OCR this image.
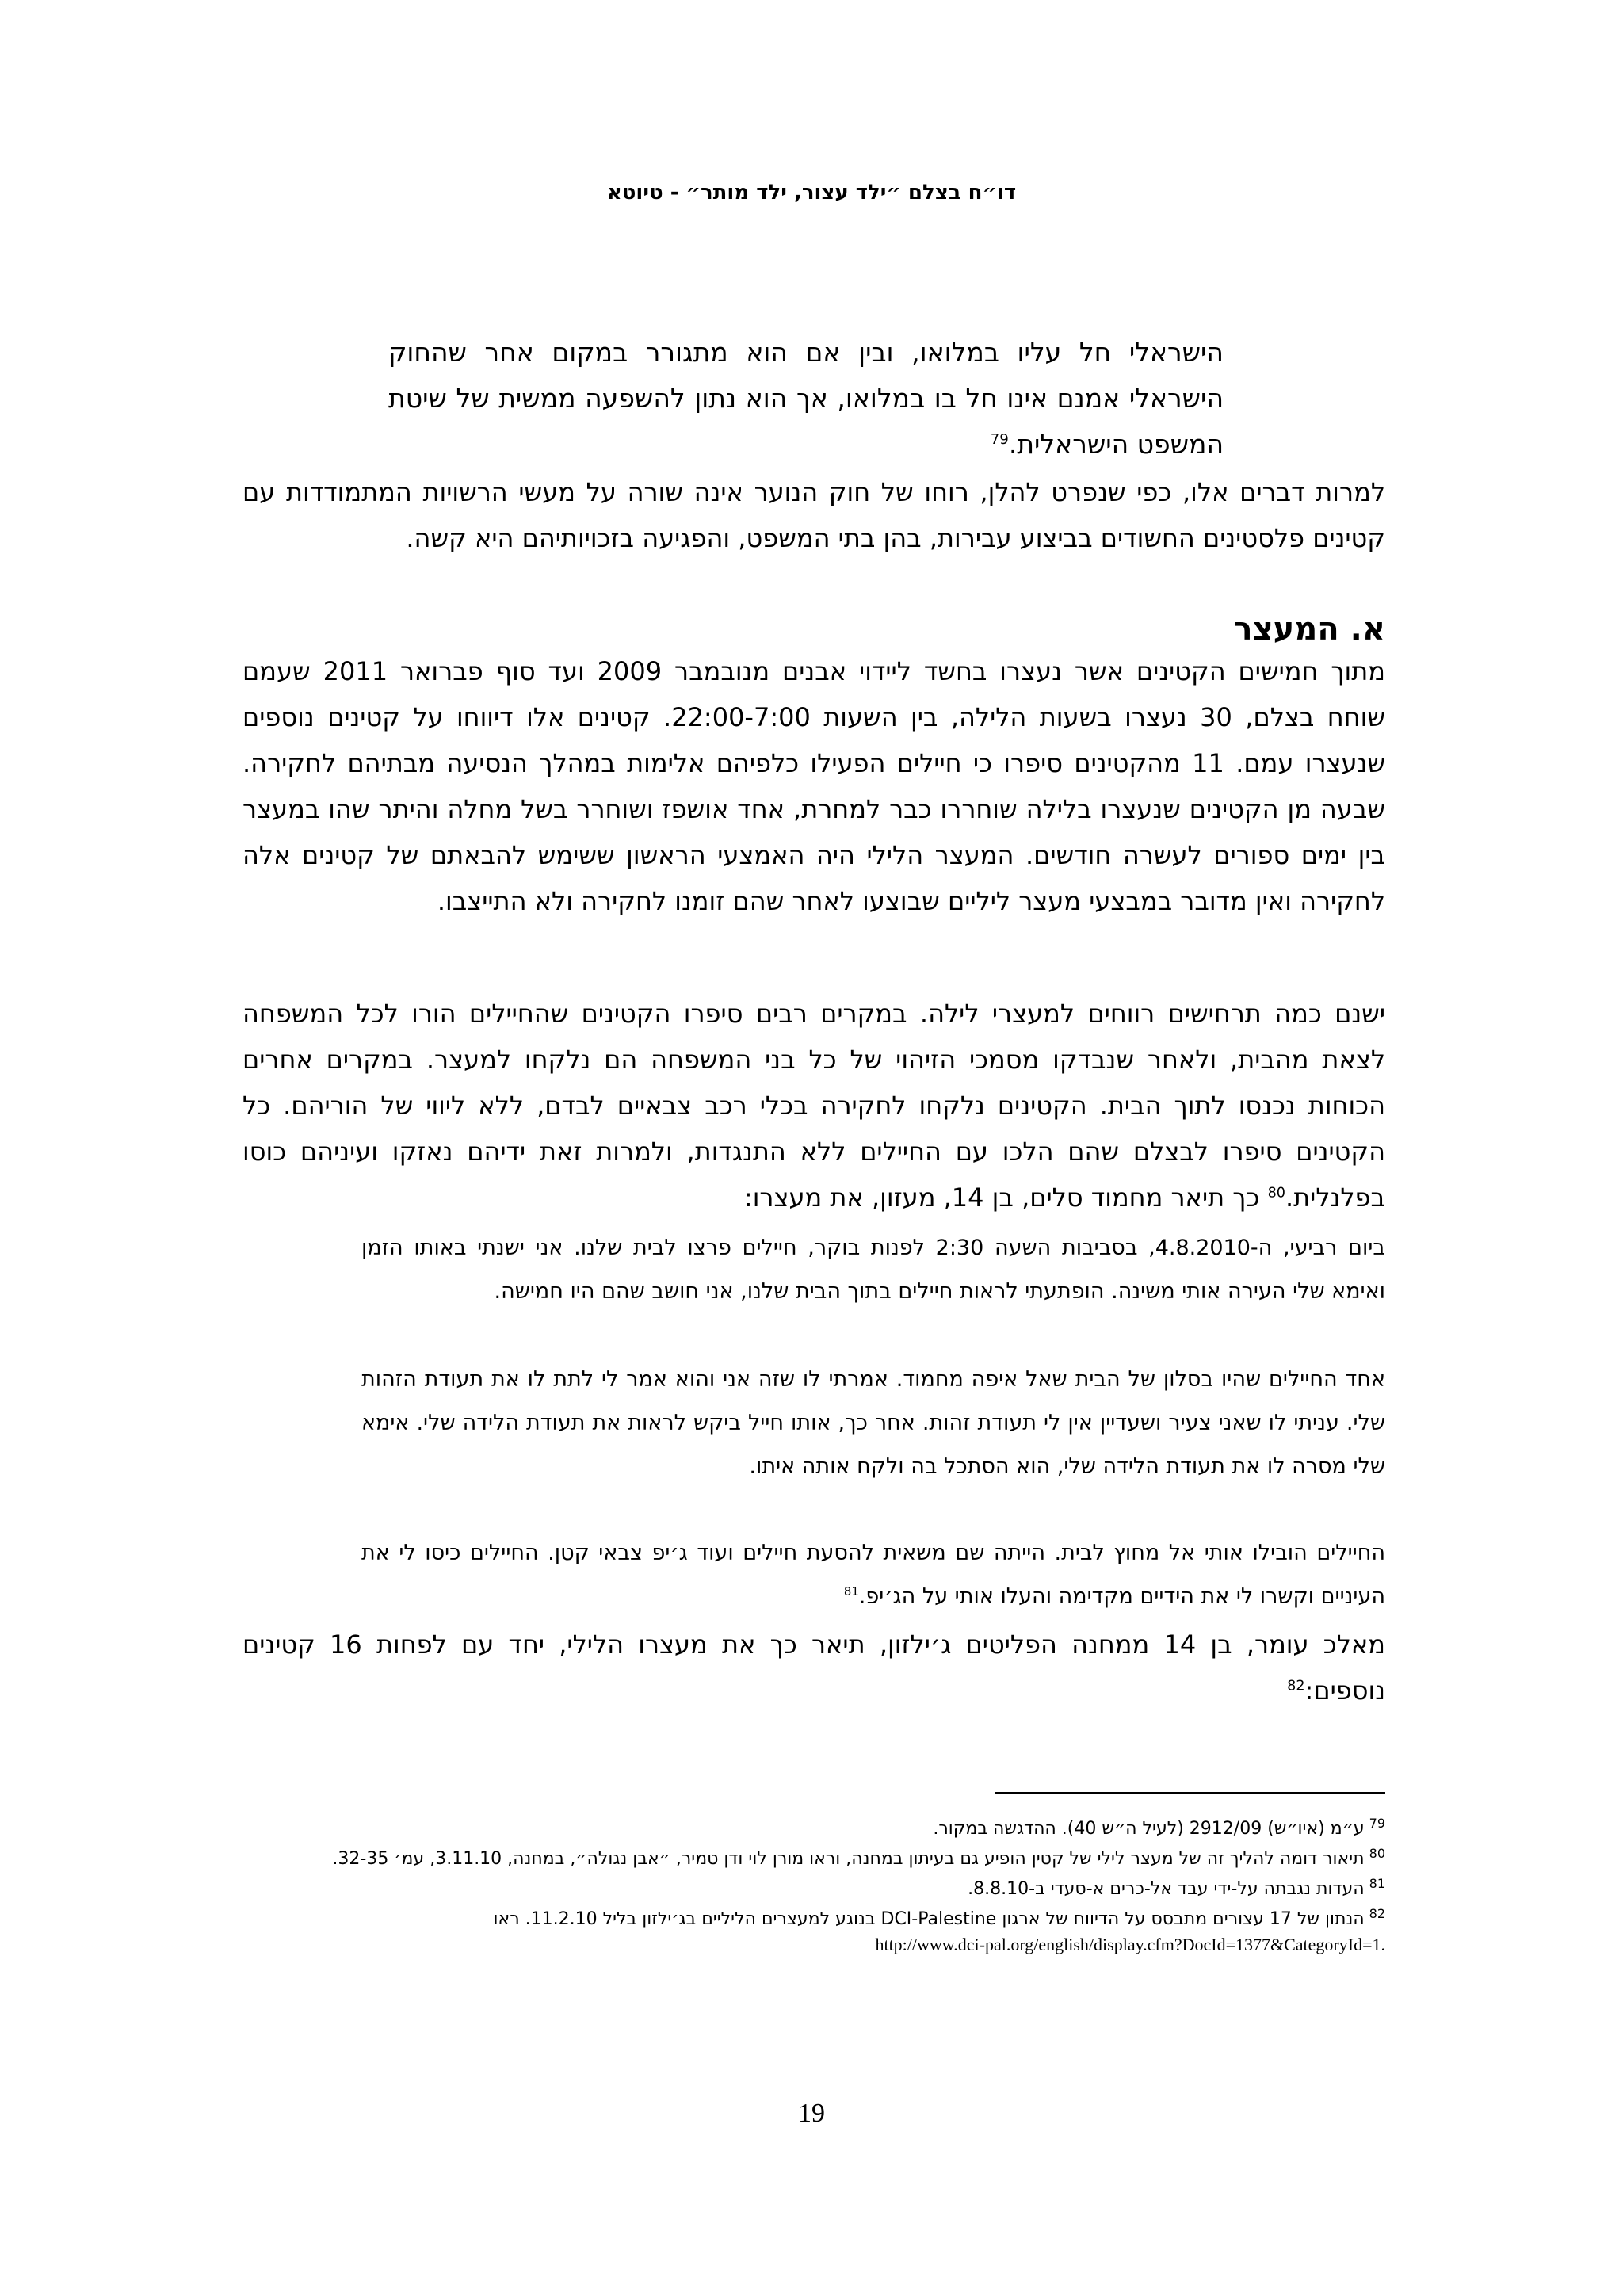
דו״ח בצלם ״ילד עצור, ילד מותר״ - טיוטא

הישראלי חל עליו במלואו, ובין אם הוא מתגורר במקום אחר שהחוק הישראלי אמנם אינו חל בו במלואו, אך הוא נתון להשפעה ממשית של שיטת המשפט הישראלית.$^{79}$

למרות דברים אלו, כפי שנפרט להלן, רוחו של חוק הנוער אינה שורה על מעשי הרשויות המתמודדות עם קטינים פלסטינים החשודים בביצוע עבירות, בהן בתי המשפט, והפגיעה בזכויותיהם היא קשה.

א. המעצר

מתוך חמישים הקטינים אשר נעצרו בחשד ליידוי אבנים מנובמבר 2009 ועד סוף פברואר 2011 שעמם שוחח בצלם, 30 נעצרו בשעות הלילה, בין השעות 22:00-7:00. קטינים אלו דיווחו על קטינים נוספים שנעצרו עמם. 11 מהקטינים סיפרו כי חיילים הפעילו כלפיהם אלימות במהלך הנסיעה מבתיהם לחקירה. שבעה מן הקטינים שנעצרו בלילה שוחררו כבר למחרת, אחד אושפז ושוחרר בשל מחלה והיתר שהו במעצר בין ימים ספורים לעשרה חודשים. המעצר הלילי היה האמצעי הראשון ששימש להבאתם של קטינים אלה לחקירה ואין מדובר במבצעי מעצר ליליים שבוצעו לאחר שהם זומנו לחקירה ולא התייצבו.

ישנם כמה תרחישים רווחים למעצרי לילה. במקרים רבים סיפרו הקטינים שהחיילים הורו לכל המשפחה לצאת מהבית, ולאחר שנבדקו מסמכי הזיהוי של כל בני המשפחה הם נלקחו למעצר. במקרים אחרים הכוחות נכנסו לתוך הבית. הקטינים נלקחו לחקירה בכלי רכב צבאיים לבדם, ללא ליווי של הוריהם. כל הקטינים סיפרו לבצלם שהם הלכו עם החיילים ללא התנגדות, ולמרות זאת ידיהם נאזקו ועיניהם כוסו בפלנלית.$^{80}$ כך תיאר מחמוד סלים, בן 14, מעזון, את מעצרו:

ביום רביעי, ה-4.8.2010, בסביבות השעה 2:30 לפנות בוקר, חיילים פרצו לבית שלנו. אני ישנתי באותו הזמן ואימא שלי העירה אותי משינה. הופתעתי לראות חיילים בתוך הבית שלנו, אני חושב שהם היו חמישה.

אחד החיילים שהיו בסלון של הבית שאל איפה מחמוד. אמרתי לו שזה אני והוא אמר לי לתת לו את תעודת הזהות שלי. עניתי לו שאני צעיר ושעדיין אין לי תעודת זהות. אחר כך, אותו חייל ביקש לראות את תעודת הלידה שלי. אימא שלי מסרה לו את תעודת הלידה שלי, הוא הסתכל בה ולקח אותה איתו.

החיילים הובילו אותי אל מחוץ לבית. הייתה שם משאית להסעת חיילים ועוד ג׳יפ צבאי קטן. החיילים כיסו לי את העיניים וקשרו לי את הידיים מקדימה והעלו אותי על הג׳יפ.$^{81}$

מאלכ עומר, בן 14 ממחנה הפליטים ג׳ילזון, תיאר כך את מעצרו הלילי, יחד עם לפחות 16 קטינים נוספים:$^{82}$

$^{79}$ע״מ (איו״ש) 2912/09 (לעיל ה״ש 40). ההדגשה במקור.

$^{80}$תיאור דומה להליך זה של מעצר לילי של קטין הופיע גם בעיתון במחנה, וראו מורן לוי ודן טמיר, ״אבן נגולה״, במחנה, 3.11.10, עמ׳ 32-35.

$^{81}$העדות נגבתה על-ידי עבד אל-כרים א-סעדי ב-8.8.10.

$^{82}$הנתון של 17 עצורים מתבסס על הדיווח של ארגון DCI-Palestine בנוגע למעצרים הליליים בג׳ילזון בליל 11.2.10. ראו
http://www.dci-pal.org/english/display.cfm?DocId=1377&CategoryId=1.

19
